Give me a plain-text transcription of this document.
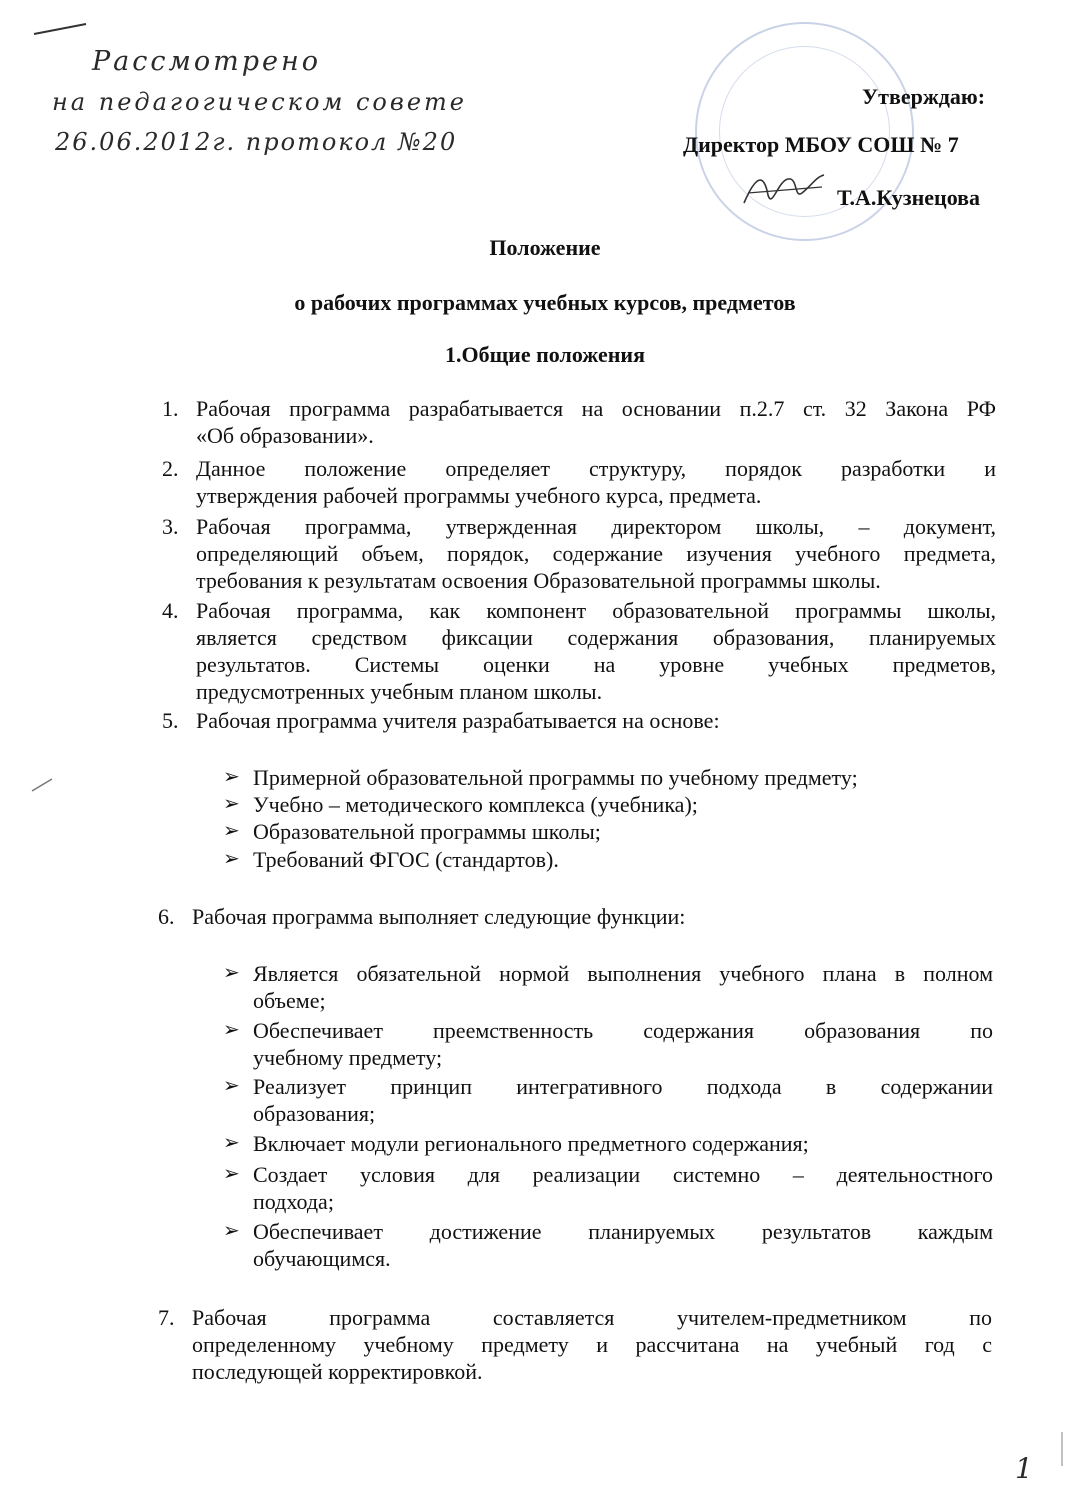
Рассмотрено
на педагогическом совете
26.06.2012г. протокол №20
Утверждаю:
Директор МБОУ СОШ № 7
Т.А.Кузнецова
Положение
о рабочих программах учебных курсов, предметов
1.Общие положения
1. Рабочая программа разрабатывается на основании п.2.7 ст. 32 Закона РФ
«Об образовании».
2. Данное положение определяет структуру, порядок разработки и
утверждения рабочей программы учебного курса, предмета.
3. Рабочая программа, утвержденная директором школы, – документ,
определяющий объем, порядок, содержание изучения учебного предмета,
требования к результатам освоения Образовательной программы школы.
4. Рабочая программа, как компонент образовательной программы школы,
является средством фиксации содержания образования, планируемых
результатов. Системы оценки на уровне учебных предметов,
предусмотренных учебным планом школы.
5. Рабочая программа учителя разрабатывается на основе:
➢ Примерной образовательной программы по учебному предмету;
➢ Учебно – методического комплекса (учебника);
➢ Образовательной программы школы;
➢ Требований ФГОС (стандартов).
6. Рабочая программа выполняет следующие функции:
➢ Является обязательной нормой выполнения учебного плана в полном
объеме;
➢ Обеспечивает преемственность содержания образования по
учебному предмету;
➢ Реализует принцип интегративного подхода в содержании
образования;
➢ Включает модули регионального предметного содержания;
➢ Создает условия для реализации системно – деятельностного
подхода;
➢ Обеспечивает достижение планируемых результатов каждым
обучающимся.
7. Рабочая программа составляется учителем-предметником по
определенному учебному предмету и рассчитана на учебный год с
последующей корректировкой.
1
